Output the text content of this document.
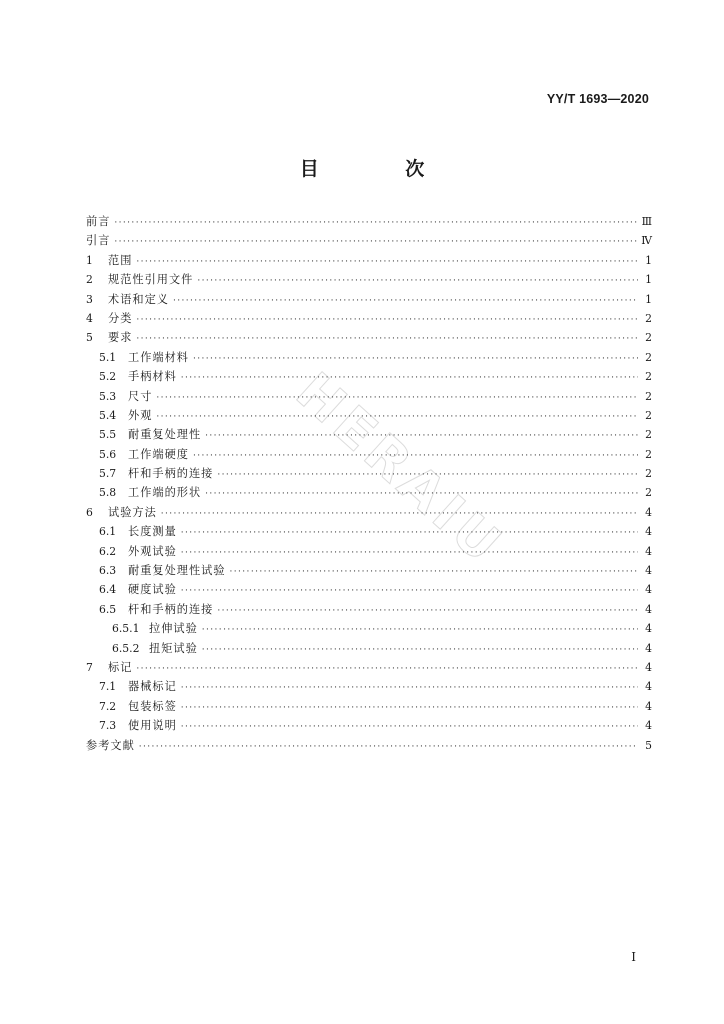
YY/T 1693—2020
目 次
HERAIU
前言 ·····	Ⅲ
引言 ·····	Ⅳ
1	范围 ·····	1
2	规范性引用文件 ·····	1
3	术语和定义 ·····	1
4	分类 ·····	2
5	要求 ·····	2
5.1	工作端材料 ·····	2
5.2	手柄材料 ·····	2
5.3	尺寸 ·····	2
5.4	外观 ·····	2
5.5	耐重复处理性 ·····	2
5.6	工作端硬度 ·····	2
5.7	杆和手柄的连接 ·····	2
5.8	工作端的形状 ·····	2
6	试验方法 ·····	4
6.1	长度测量 ·····	4
6.2	外观试验 ·····	4
6.3	耐重复处理性试验 ·····	4
6.4	硬度试验 ·····	4
6.5	杆和手柄的连接 ·····	4
6.5.1 拉伸试验 ·····	4
6.5.2 扭矩试验 ·····	4
7	标记 ·····	4
7.1	器械标记 ·····	4
7.2	包装标签 ·····	4
7.3	使用说明 ·····	4
参考文献 ·····	5
Ⅰ
